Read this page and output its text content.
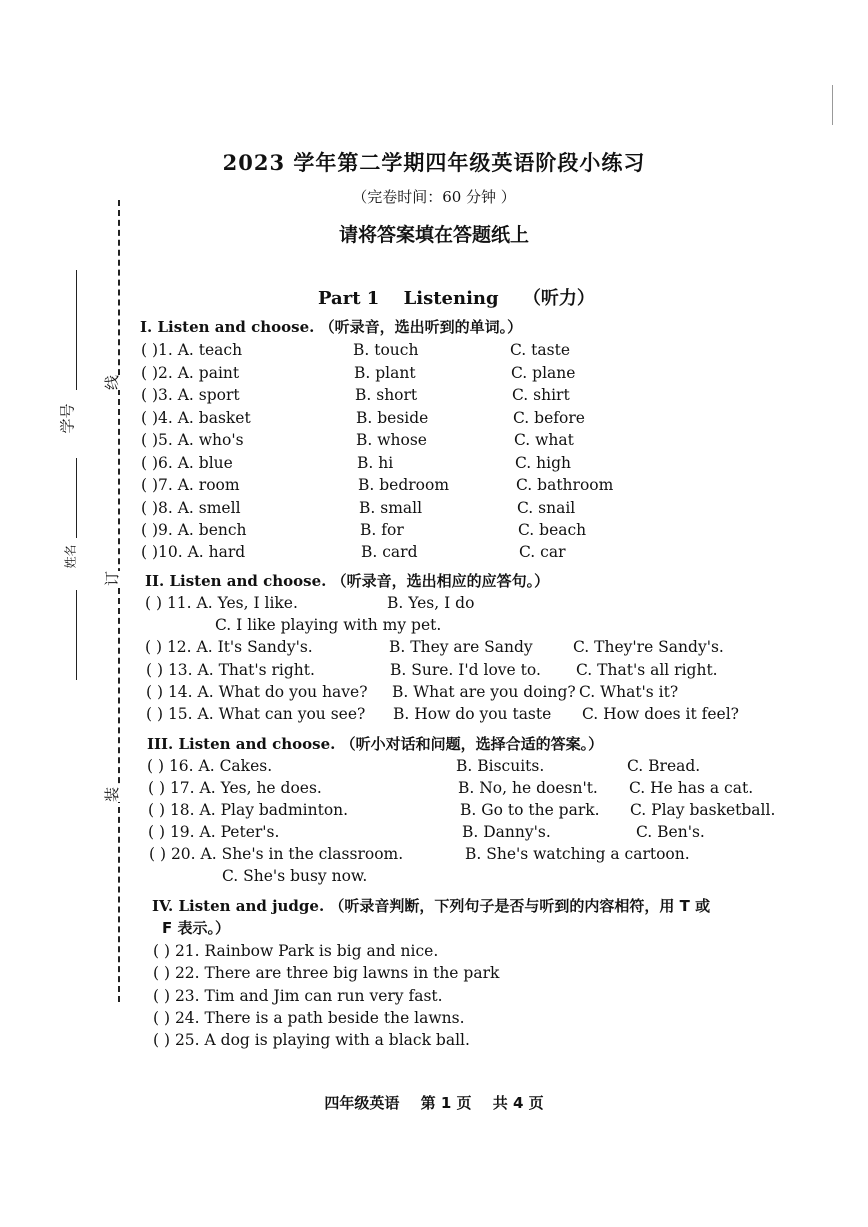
学号
姓名
线
订
装
2023 学年第二学期四年级英语阶段小练习
（完卷时间：60 分钟 ）
请将答案填在答题纸上
Part 1 Listening （听力）
I. Listen and choose. （听录音，选出听到的单词。）
( )1. A. teach	B. touch	C. taste
( )2. A. paint	B. plant	C. plane
( )3. A. sport	B. short	C. shirt
( )4. A. basket	B. beside	C. before
( )5. A. who's	B. whose	C. what
( )6. A. blue	B. hi	C. high
( )7. A. room	B. bedroom	C. bathroom
( )8. A. smell	B. small	C. snail
( )9. A. bench	B. for	C. beach
( )10. A. hard	B. card	C. car
II. Listen and choose. （听录音，选出相应的应答句。）
( ) 11. A. Yes, I like.	B. Yes, I do
C. I like playing with my pet.
( ) 12. A. It's Sandy's.	B. They are Sandy	C. They're Sandy's.
( ) 13. A. That's right.	B. Sure. I'd love to. C. That's all right.
( ) 14. A. What do you have? B. What are you doing? C. What's it?
( ) 15. A. What can you see? B. How do you taste C. How does it feel?
III. Listen and choose. （听小对话和问题，选择合适的答案。）
( ) 16. A. Cakes.	B. Biscuits.	C. Bread.
( ) 17. A. Yes, he does.	B. No, he doesn't. C. He has a cat.
( ) 18. A. Play badminton.	B. Go to the park. C. Play basketball.
( ) 19. A. Peter's.	B. Danny's.	C. Ben's.
( ) 20. A. She's in the classroom.	B. She's watching a cartoon.
C. She's busy now.
IV. Listen and judge. （听录音判断，下列句子是否与听到的内容相符，用 T 或
F 表示。）
( ) 21. Rainbow Park is big and nice.
( ) 22. There are three big lawns in the park
( ) 23. Tim and Jim can run very fast.
( ) 24. There is a path beside the lawns.
( ) 25. A dog is playing with a black ball.
四年级英语 第 1 页 共 4 页
